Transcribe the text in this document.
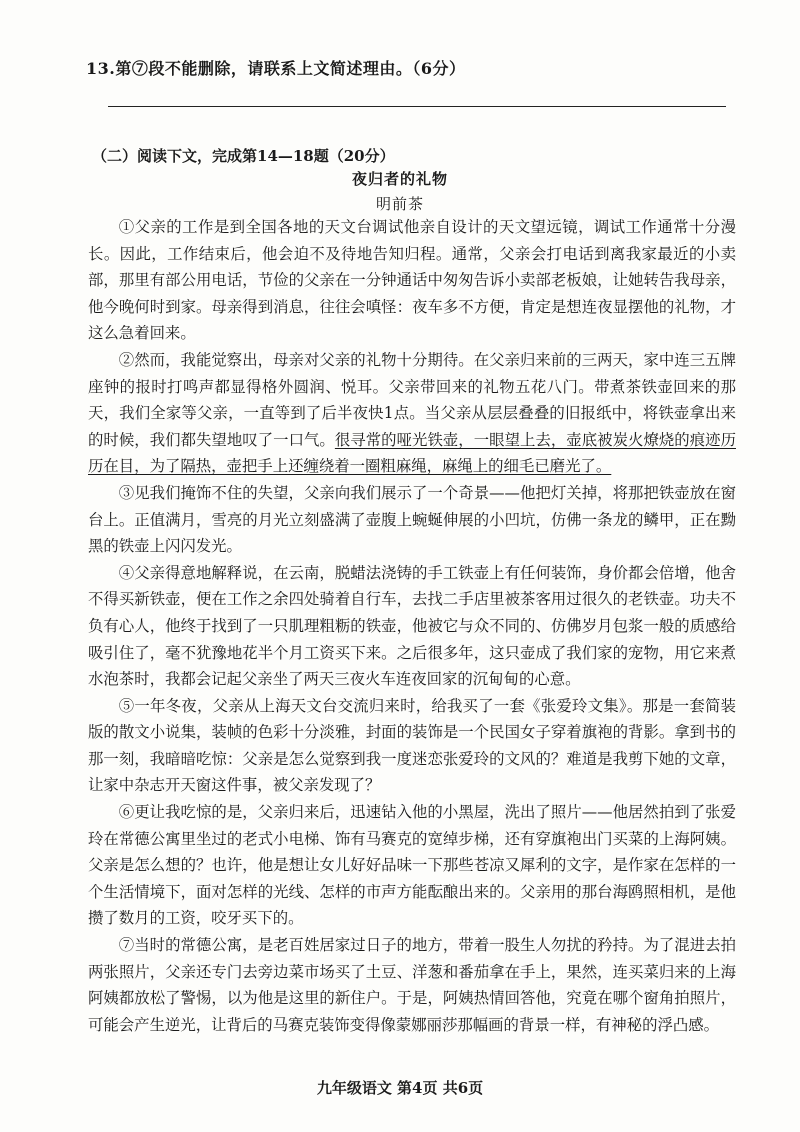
13.第⑦段不能删除，请联系上文简述理由。（6分）
（二）阅读下文，完成第14—18题（20分）
夜归者的礼物
明前茶

①父亲的工作是到全国各地的天文台调试他亲自设计的天文望远镜，调试工作通常十分漫长。因此，工作结束后，他会迫不及待地告知归程。通常，父亲会打电话到离我家最近的小卖部，那里有部公用电话，节俭的父亲在一分钟通话中匆匆告诉小卖部老板娘，让她转告我母亲，他今晚何时到家。母亲得到消息，往往会嗔怪：夜车多不方便，肯定是想连夜显摆他的礼物，才这么急着回来。

②然而，我能觉察出，母亲对父亲的礼物十分期待。在父亲归来前的三两天，家中连三五牌座钟的报时打鸣声都显得格外圆润、悦耳。父亲带回来的礼物五花八门。带煮茶铁壶回来的那天，我们全家等父亲，一直等到了后半夜快1点。当父亲从层层叠叠的旧报纸中，将铁壶拿出来的时候，我们都失望地叹了一口气。很寻常的哑光铁壶，一眼望上去，壶底被炭火燎烧的痕迹历历在目，为了隔热，壶把手上还缠绕着一圈粗麻绳，麻绳上的细毛已磨光了。

③见我们掩饰不住的失望，父亲向我们展示了一个奇景——他把灯关掉，将那把铁壶放在窗台上。正值满月，雪亮的月光立刻盛满了壶腹上蜿蜒伸展的小凹坑，仿佛一条龙的鳞甲，正在黝黑的铁壶上闪闪发光。

④父亲得意地解释说，在云南，脱蜡法浇铸的手工铁壶上有任何装饰，身价都会倍增，他舍不得买新铁壶，便在工作之余四处骑着自行车，去找二手店里被茶客用过很久的老铁壶。功夫不负有心人，他终于找到了一只肌理粗粝的铁壶，他被它与众不同的、仿佛岁月包浆一般的质感给吸引住了，毫不犹豫地花半个月工资买下来。之后很多年，这只壶成了我们家的宠物，用它来煮水泡茶时，我都会记起父亲坐了两天三夜火车连夜回家的沉甸甸的心意。

⑤一年冬夜，父亲从上海天文台交流归来时，给我买了一套《张爱玲文集》。那是一套简装版的散文小说集，装帧的色彩十分淡雅，封面的装饰是一个民国女子穿着旗袍的背影。拿到书的那一刻，我暗暗吃惊：父亲是怎么觉察到我一度迷恋张爱玲的文风的？难道是我剪下她的文章，让家中杂志开天窗这件事，被父亲发现了？

⑥更让我吃惊的是，父亲归来后，迅速钻入他的小黑屋，洗出了照片——他居然拍到了张爱玲在常德公寓里坐过的老式小电梯、饰有马赛克的宽绰步梯，还有穿旗袍出门买菜的上海阿姨。父亲是怎么想的？也许，他是想让女儿好好品味一下那些苍凉又犀利的文字，是作家在怎样的一个生活情境下，面对怎样的光线、怎样的市声方能酝酿出来的。父亲用的那台海鸥照相机，是他攒了数月的工资，咬牙买下的。

⑦当时的常德公寓，是老百姓居家过日子的地方，带着一股生人勿扰的矜持。为了混进去拍两张照片，父亲还专门去旁边菜市场买了土豆、洋葱和番茄拿在手上，果然，连买菜归来的上海阿姨都放松了警惕，以为他是这里的新住户。于是，阿姨热情回答他，究竟在哪个窗角拍照片，可能会产生逆光，让背后的马赛克装饰变得像蒙娜丽莎那幅画的背景一样，有神秘的浮凸感。

九年级语文 第4页 共6页
